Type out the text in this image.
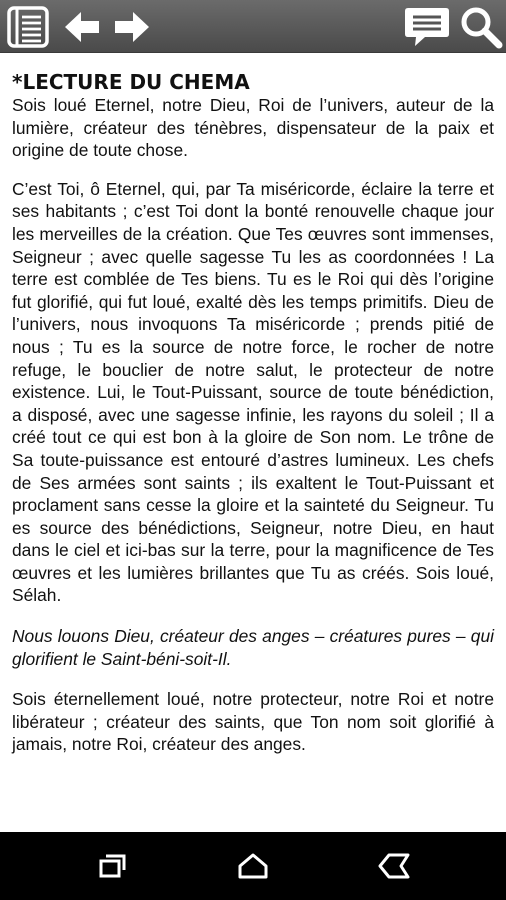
*LECTURE DU CHEMA

Sois loué Eternel, notre Dieu, Roi de l’univers, auteur de la lumière, créateur des ténèbres, dispensateur de la paix et origine de toute chose.

C’est Toi, ô Eternel, qui, par Ta miséricorde, éclaire la terre et ses habitants ; c’est Toi dont la bonté renouvelle chaque jour les merveilles de la création. Que Tes œuvres sont immenses, Seigneur ; avec quelle sagesse Tu les as coordonnées ! La terre est comblée de Tes biens. Tu es le Roi qui dès l’origine fut glorifié, qui fut loué, exalté dès les temps primitifs. Dieu de l’univers, nous invoquons Ta miséricorde ; prends pitié de nous ; Tu es la source de notre force, le rocher de notre refuge, le bouclier de notre salut, le protecteur de notre existence. Lui, le Tout-Puissant, source de toute bénédiction, a disposé, avec une sagesse infinie, les rayons du soleil ; Il a créé tout ce qui est bon à la gloire de Son nom. Le trône de Sa toute-puissance est entouré d’astres lumineux. Les chefs de Ses armées sont saints ; ils exaltent le Tout-Puissant et proclament sans cesse la gloire et la sainteté du Seigneur. Tu es source des bénédictions, Seigneur, notre Dieu, en haut dans le ciel et ici-bas sur la terre, pour la magnificence de Tes œuvres et les lumières brillantes que Tu as créés. Sois loué, Sélah.

Nous louons Dieu, créateur des anges – créatures pures – qui glorifient le Saint-béni-soit-Il.

Sois éternellement loué, notre protecteur, notre Roi et notre libérateur ; créateur des saints, que Ton nom soit glorifié à jamais, notre Roi, créateur des anges.
